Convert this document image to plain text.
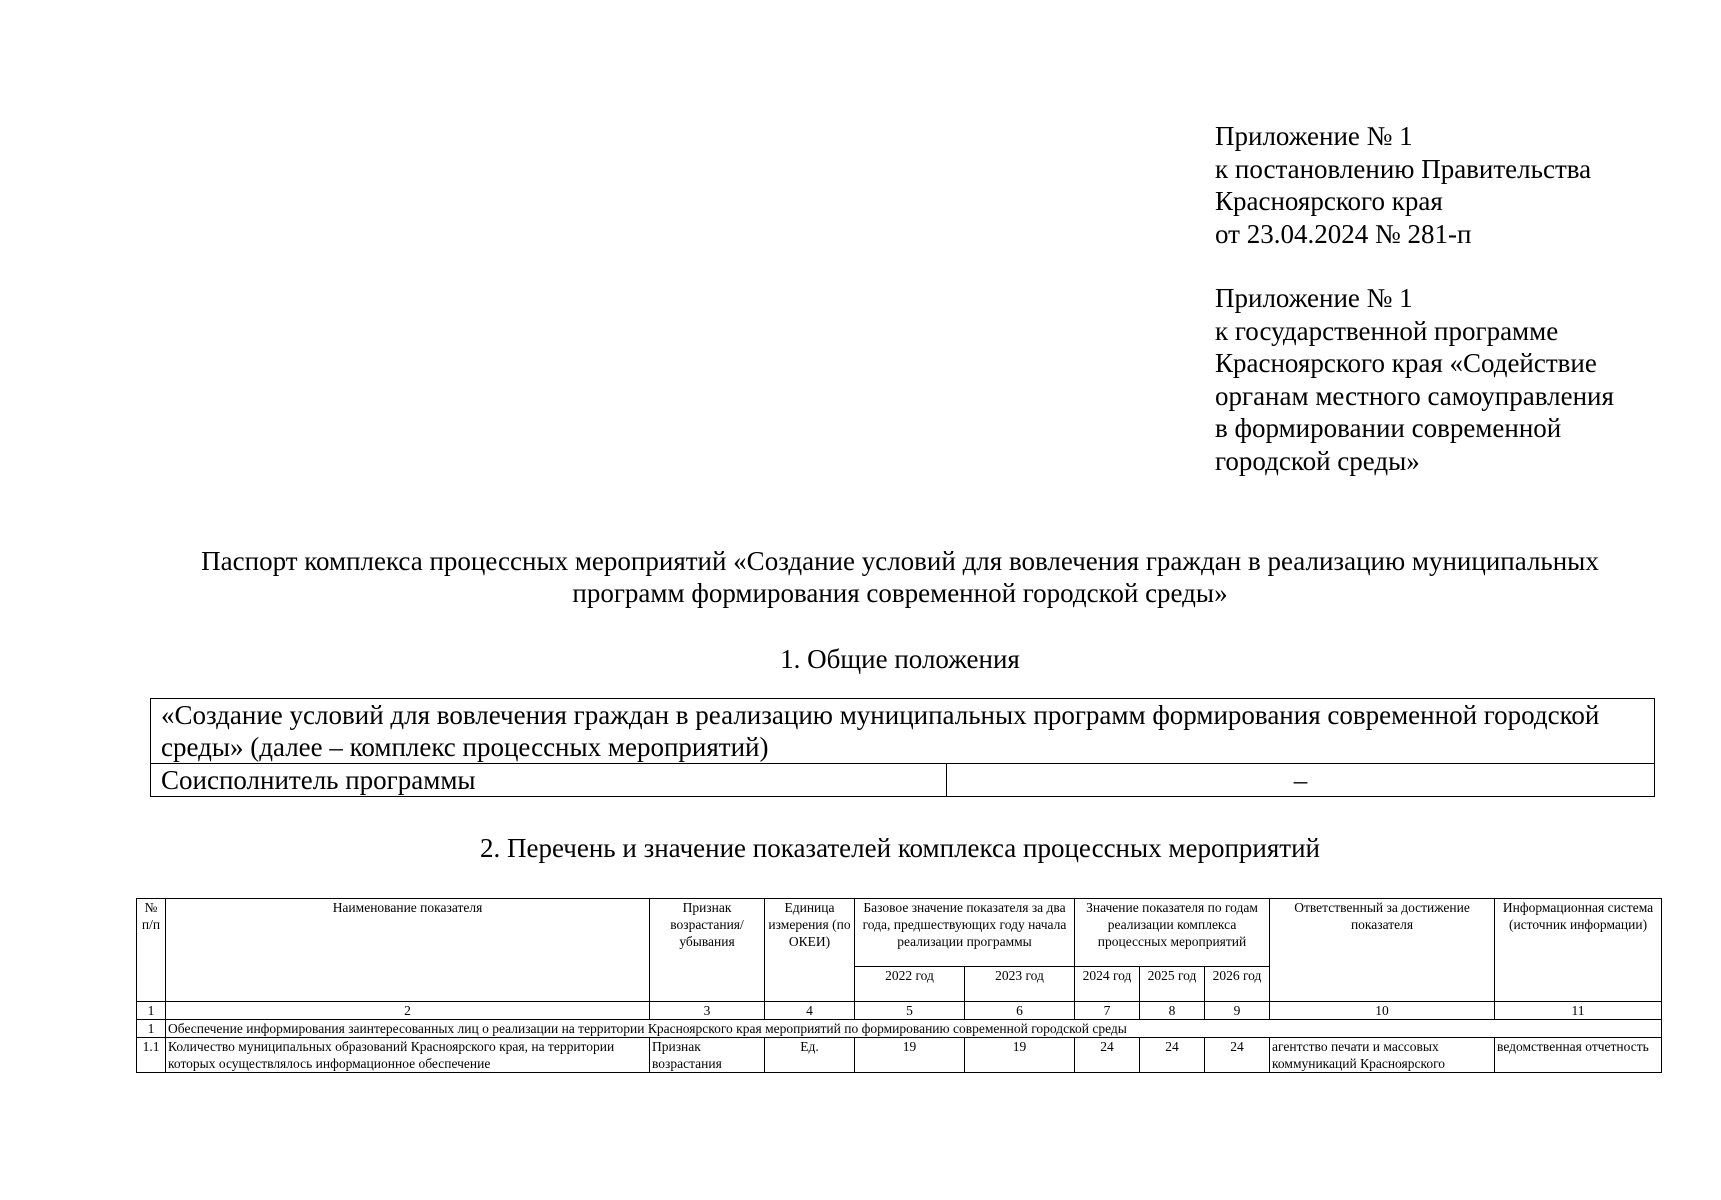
Приложение № 1
к постановлению Правительства
Красноярского края
от 23.04.2024 № 281-п
Приложение № 1
к государственной программе
Красноярского края «Содействие
органам местного самоуправления
в формировании современной
городской среды»
Паспорт комплекса процессных мероприятий «Создание условий для вовлечения граждан в реализацию муниципальных программ формирования современной городской среды»
1. Общие положения
«Создание условий для вовлечения граждан в реализацию муниципальных программ формирования современной городской среды» (далее – комплекс процессных мероприятий)
Соисполнитель программы	–
2. Перечень и значение показателей комплекса процессных мероприятий
№ п/п	Наименование показателя	Признак возрастания/ убывания	Единица измерения (по ОКЕИ)	Базовое значение показателя за два года, предшествующих году начала реализации программы		Значение показателя по годам реализации комплекса процессных мероприятий			Ответственный за достижение показателя	Информационная система (источник информации)
				2022 год	2023 год	2024 год	2025 год	2026 год		
1	2	3	4	5	6	7	8	9	10	11
1	Обеспечение информирования заинтересованных лиц о реализации на территории Красноярского края мероприятий по формированию современной городской среды									
1.1	Количество муниципальных образований Красноярского края, на территории которых осуществлялось информационное обеспечение	Признак возрастания	Ед.	19	19	24	24	24	агентство печати и массовых коммуникаций Красноярского	ведомственная отчетность
